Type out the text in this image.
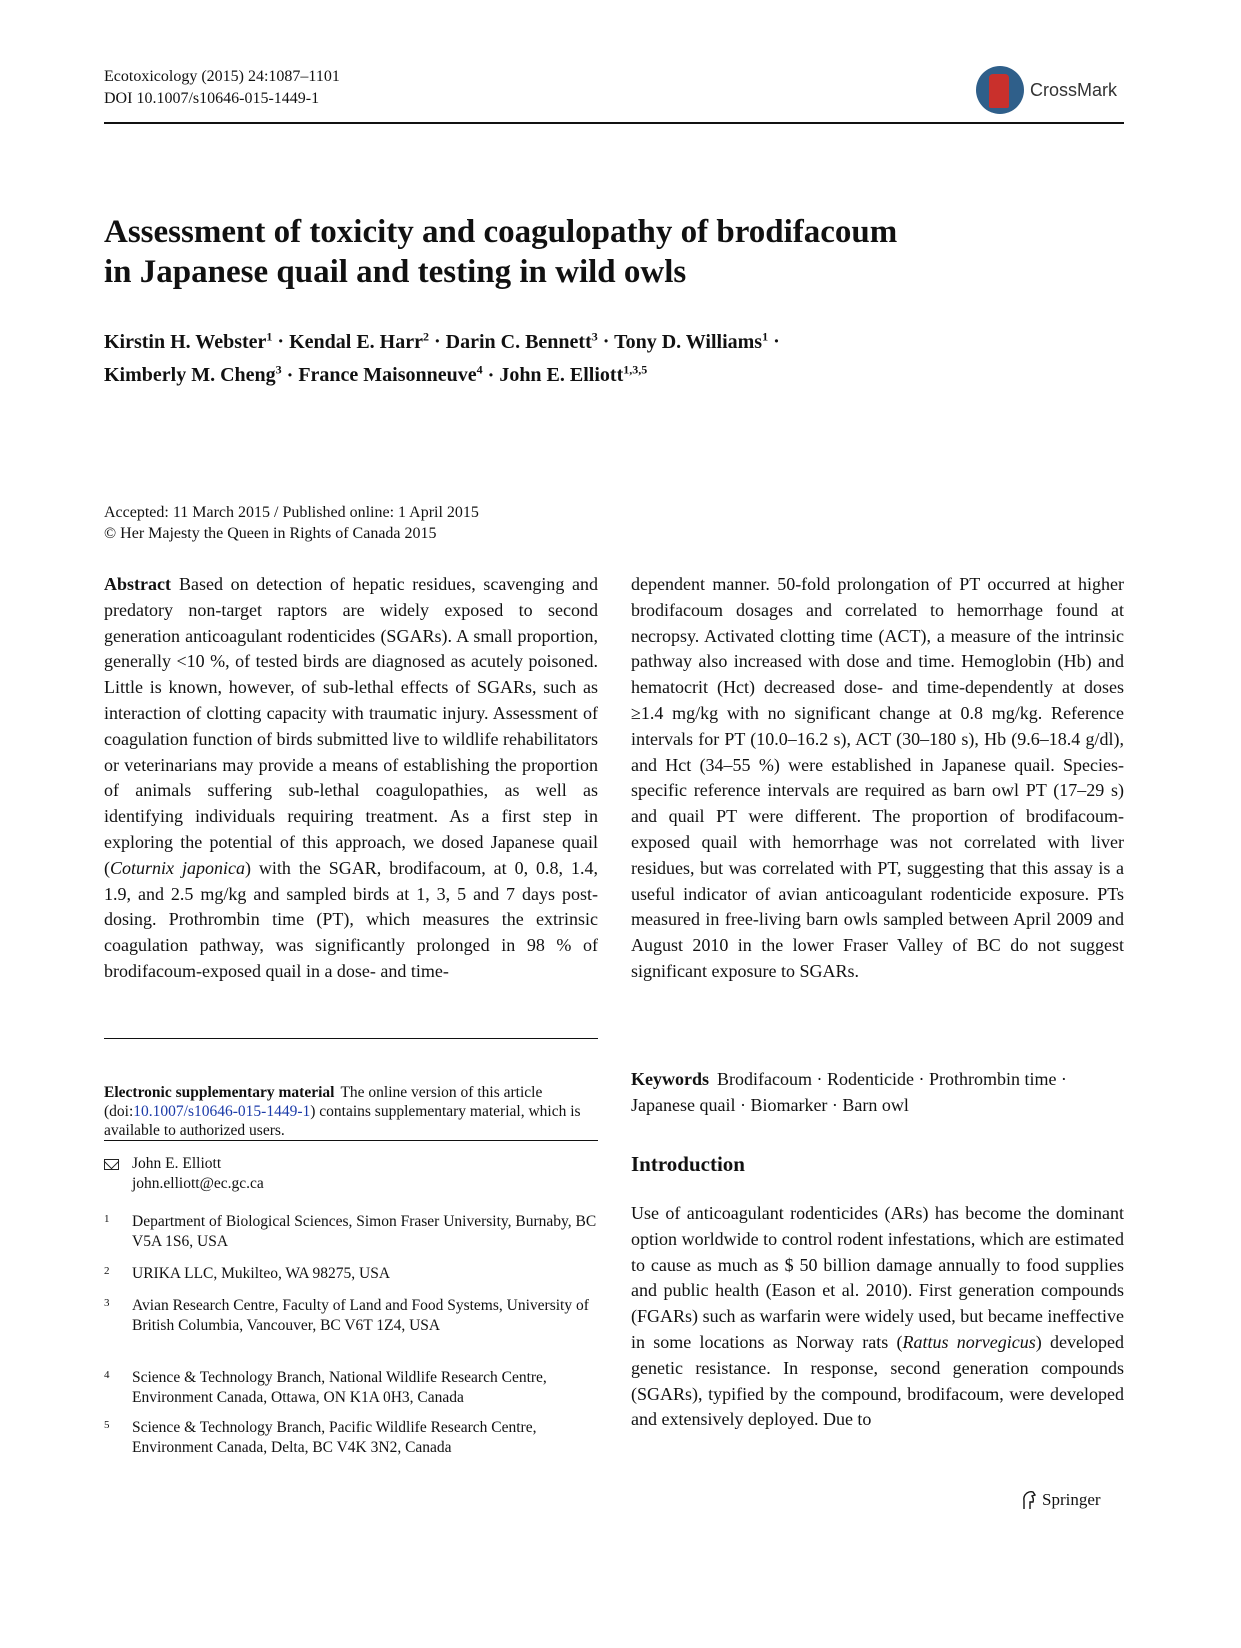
Ecotoxicology (2015) 24:1087–1101
DOI 10.1007/s10646-015-1449-1	CrossMark
Assessment of toxicity and coagulopathy of brodifacoum
in Japanese quail and testing in wild owls
Kirstin H. Webster$^1$ · Kendal E. Harr$^2$ · Darin C. Bennett$^3$ · Tony D. Williams$^1$ ·
Kimberly M. Cheng$^3$ · France Maisonneuve$^4$ · John E. Elliott$^{1,3,5}$
Accepted: 11 March 2015 / Published online: 1 April 2015
© Her Majesty the Queen in Rights of Canada 2015
Abstract Based on detection of hepatic residues, scavenging and predatory non-target raptors are widely exposed to second generation anticoagulant rodenticides (SGARs). A small proportion, generally <10 %, of tested birds are diagnosed as acutely poisoned. Little is known, however, of sub-lethal effects of SGARs, such as interaction of clotting capacity with traumatic injury. Assessment of coagulation function of birds submitted live to wildlife rehabilitators or veterinarians may provide a means of establishing the proportion of animals suffering sub-lethal coagulopathies, as well as identifying individuals requiring treatment. As a first step in exploring the potential of this approach, we dosed Japanese quail (Coturnix japonica) with the SGAR, brodifacoum, at 0, 0.8, 1.4, 1.9, and 2.5 mg/kg and sampled birds at 1, 3, 5 and 7 days post-dosing. Prothrombin time (PT), which measures the extrinsic coagulation pathway, was significantly prolonged in 98 % of brodifacoum-exposed quail in a dose- and time-
dependent manner. 50-fold prolongation of PT occurred at higher brodifacoum dosages and correlated to hemorrhage found at necropsy. Activated clotting time (ACT), a measure of the intrinsic pathway also increased with dose and time. Hemoglobin (Hb) and hematocrit (Hct) decreased dose- and time-dependently at doses ≥1.4 mg/kg with no significant change at 0.8 mg/kg. Reference intervals for PT (10.0–16.2 s), ACT (30–180 s), Hb (9.6–18.4 g/dl), and Hct (34–55 %) were established in Japanese quail. Species-specific reference intervals are required as barn owl PT (17–29 s) and quail PT were different. The proportion of brodifacoum-exposed quail with hemorrhage was not correlated with liver residues, but was correlated with PT, suggesting that this assay is a useful indicator of avian anticoagulant rodenticide exposure. PTs measured in free-living barn owls sampled between April 2009 and August 2010 in the lower Fraser Valley of BC do not suggest significant exposure to SGARs.
Keywords Brodifacoum · Rodenticide · Prothrombin time · Japanese quail · Biomarker · Barn owl
Electronic supplementary material The online version of this article (doi:10.1007/s10646-015-1449-1) contains supplementary material, which is available to authorized users.
John E. Elliott
john.elliott@ec.gc.ca
1 Department of Biological Sciences, Simon Fraser University, Burnaby, BC V5A 1S6, USA
2 URIKA LLC, Mukilteo, WA 98275, USA
3 Avian Research Centre, Faculty of Land and Food Systems, University of British Columbia, Vancouver, BC V6T 1Z4, USA
4 Science & Technology Branch, National Wildlife Research Centre, Environment Canada, Ottawa, ON K1A 0H3, Canada
5 Science & Technology Branch, Pacific Wildlife Research Centre, Environment Canada, Delta, BC V4K 3N2, Canada
Introduction
Use of anticoagulant rodenticides (ARs) has become the dominant option worldwide to control rodent infestations, which are estimated to cause as much as $ 50 billion damage annually to food supplies and public health (Eason et al. 2010). First generation compounds (FGARs) such as warfarin were widely used, but became ineffective in some locations as Norway rats (Rattus norvegicus) developed genetic resistance. In response, second generation compounds (SGARs), typified by the compound, brodifacoum, were developed and extensively deployed. Due to
Springer
